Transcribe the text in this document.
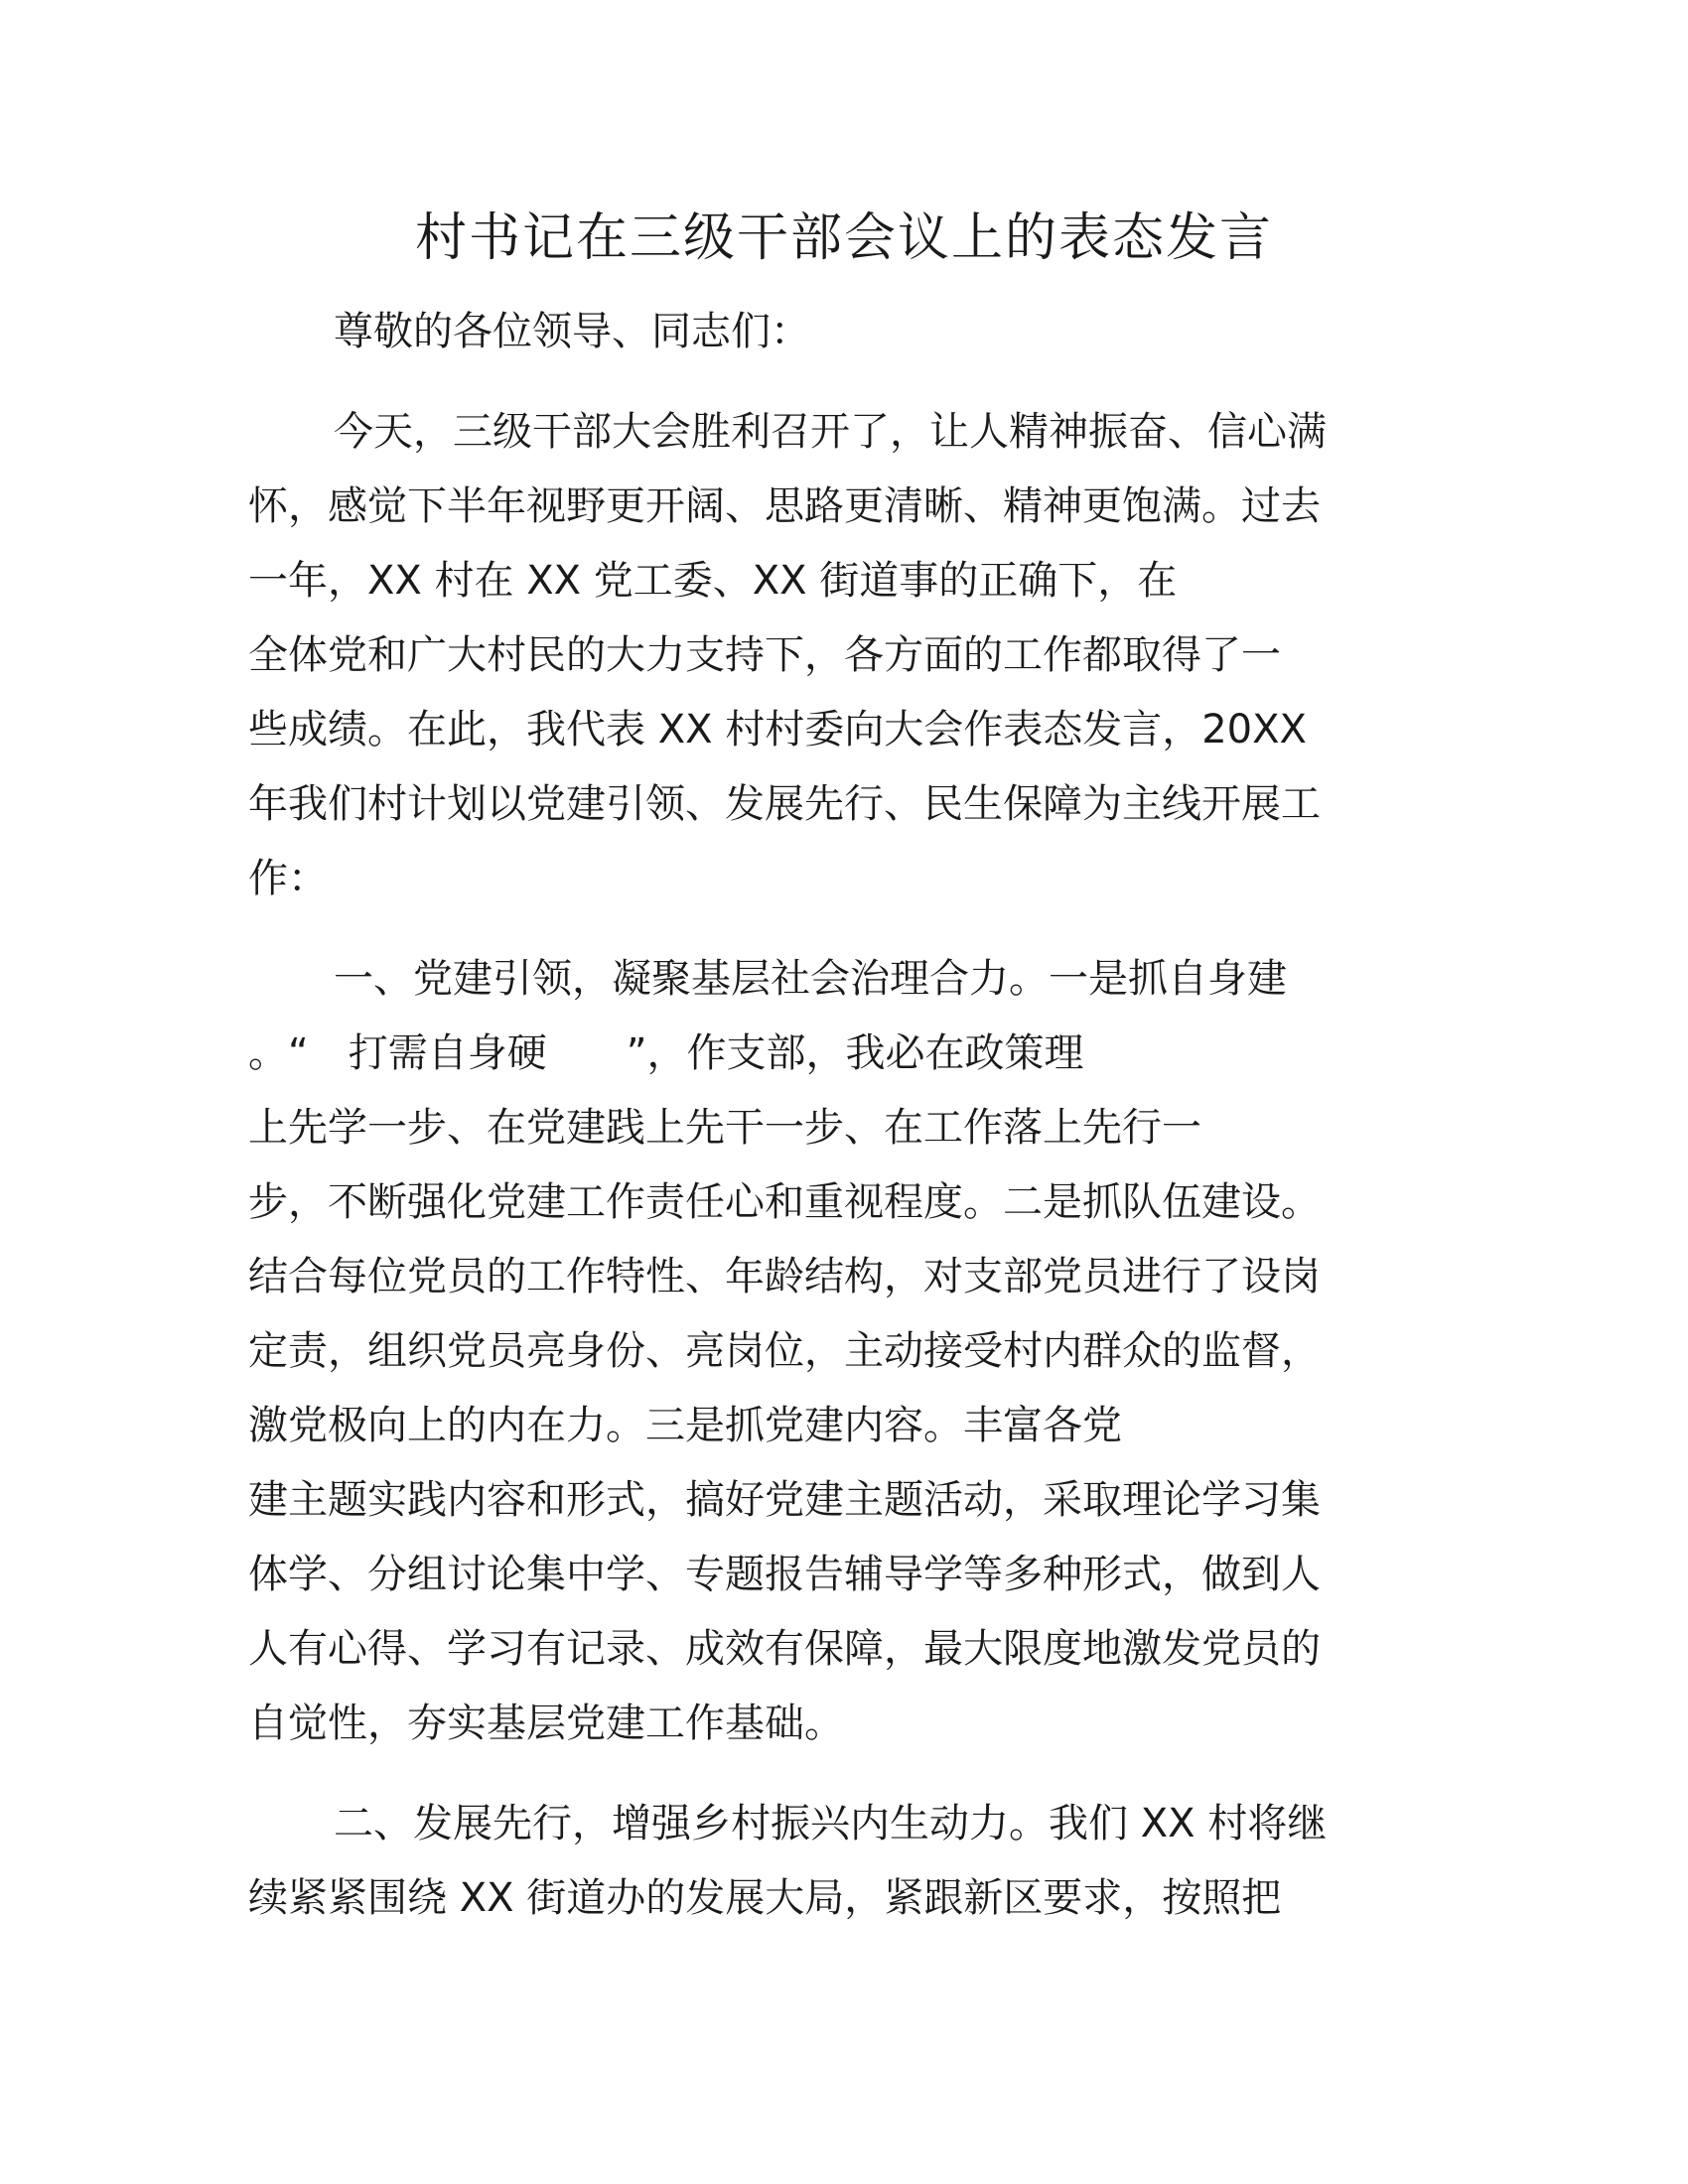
村书记在三级干部会议上的表态发言
尊敬的各位领导、同志们：
今天，三级干部大会胜利召开了，让人精神振奋、信心满
怀，感觉下半年视野更开阔、思路更清晰、精神更饱满。过去
一年，XX 村在 XX 党工委、XX 街道事的正确下，在
全体党和广大村民的大力支持下，各方面的工作都取得了一
些成绩。在此，我代表 XX 村村委向大会作表态发言，20XX
年我们村计划以党建引领、发展先行、民生保障为主线开展工
作：
一、党建引领，凝聚基层社会治理合力。一是抓自身建
。“　打需自身硬　　”，作支部，我必在政策理
上先学一步、在党建践上先干一步、在工作落上先行一
步，不断强化党建工作责任心和重视程度。二是抓队伍建设。
结合每位党员的工作特性、年龄结构，对支部党员进行了设岗
定责，组织党员亮身份、亮岗位，主动接受村内群众的监督，
激党极向上的内在力。三是抓党建内容。丰富各党
建主题实践内容和形式，搞好党建主题活动，采取理论学习集
体学、分组讨论集中学、专题报告辅导学等多种形式，做到人
人有心得、学习有记录、成效有保障，最大限度地激发党员的
自觉性，夯实基层党建工作基础。
二、发展先行，增强乡村振兴内生动力。我们 XX 村将继
续紧紧围绕 XX 街道办的发展大局，紧跟新区要求，按照把
